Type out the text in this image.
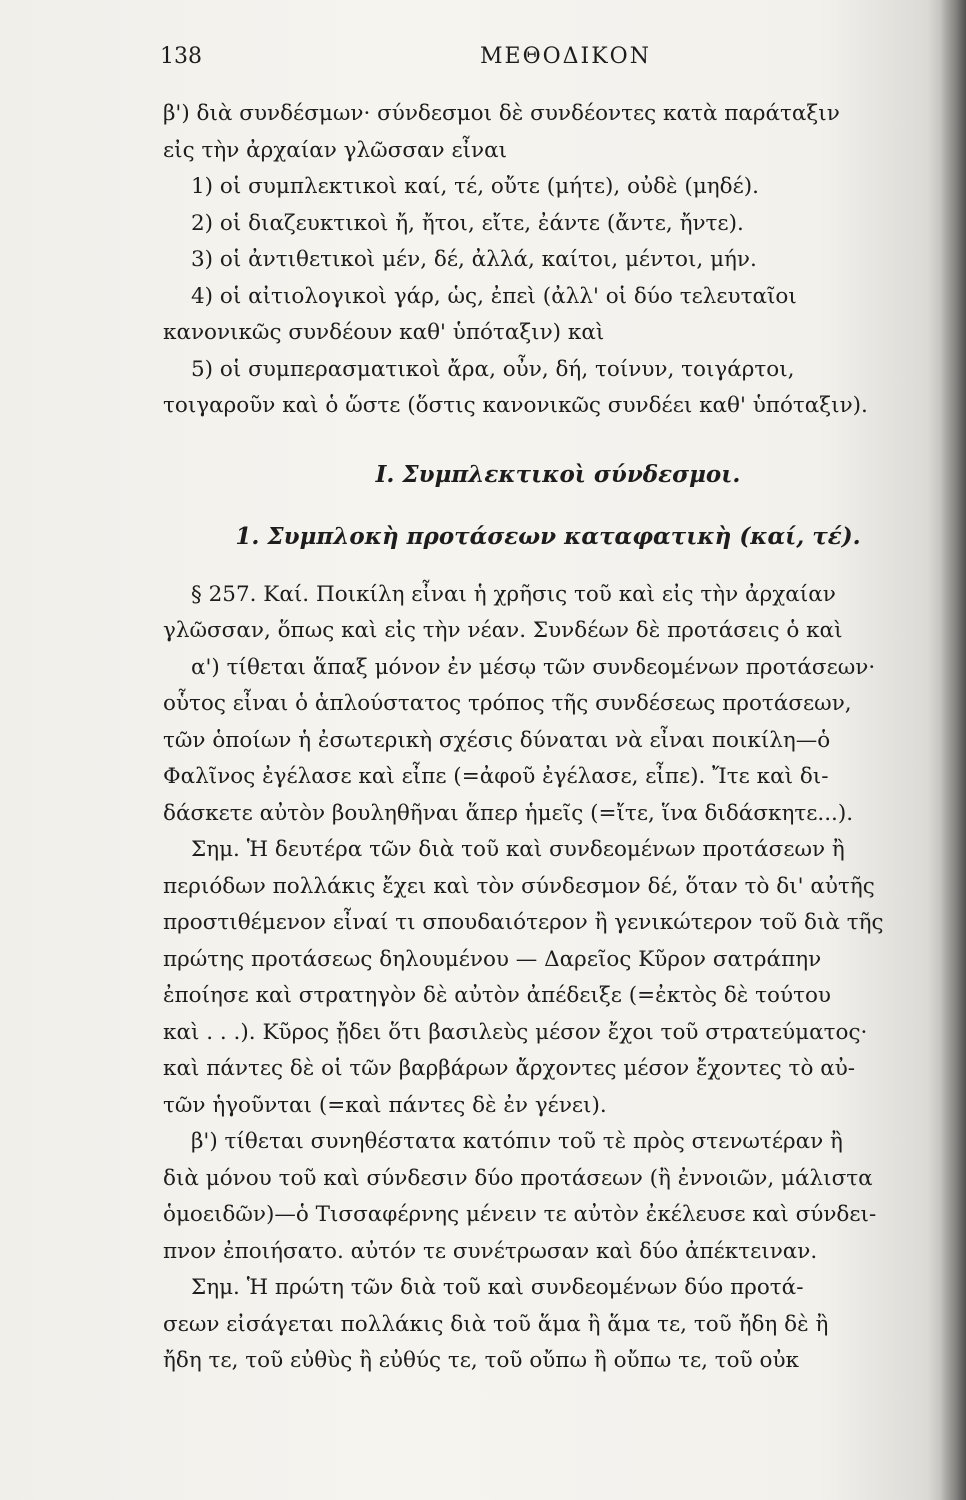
138	ΜΕΘΟΔΙΚΟΝ
β') διὰ συνδέσμων· σύνδεσμοι δὲ συνδέοντες κατὰ παράταξιν
εἰς τὴν ἀρχαίαν γλῶσσαν εἶναι
1) οἱ συμπλεκτικοὶ καί, τέ, οὔτε (μήτε), οὐδὲ (μηδέ).
2) οἱ διαζευκτικοὶ ἤ, ἤτοι, εἴτε, ἐάντε (ἄντε, ἤντε).
3) οἱ ἀντιθετικοὶ μέν, δέ, ἀλλά, καίτοι, μέντοι, μήν.
4) οἱ αἰτιολογικοὶ γάρ, ὡς, ἐπεὶ (ἀλλ' οἱ δύο τελευταῖοι
κανονικῶς συνδέουν καθ' ὑπόταξιν) καὶ
5) οἱ συμπερασματικοὶ ἄρα, οὖν, δή, τοίνυν, τοιγάρτοι,
τοιγαροῦν καὶ ὁ ὥστε (ὅστις κανονικῶς συνδέει καθ' ὑπόταξιν).
Ι. Συμπλεκτικοὶ σύνδεσμοι.
1. Συμπλοκὴ προτάσεων καταφατικὴ (καί, τέ).
§ 257. Καί. Ποικίλη εἶναι ἡ χρῆσις τοῦ καὶ εἰς τὴν ἀρχαίαν
γλῶσσαν, ὅπως καὶ εἰς τὴν νέαν. Συνδέων δὲ προτάσεις ὁ καὶ
α') τίθεται ἅπαξ μόνον ἐν μέσῳ τῶν συνδεομένων προτάσεων·
οὗτος εἶναι ὁ ἁπλούστατος τρόπος τῆς συνδέσεως προτάσεων,
τῶν ὁποίων ἡ ἐσωτερικὴ σχέσις δύναται νὰ εἶναι ποικίλη—ὁ
Φαλῖνος ἐγέλασε καὶ εἶπε (=ἀφοῦ ἐγέλασε, εἶπε). Ἴτε καὶ δι-
δάσκετε αὐτὸν βουληθῆναι ἅπερ ἡμεῖς (=ἴτε, ἵνα διδάσκητε...).
Σημ. Ἡ δευτέρα τῶν διὰ τοῦ καὶ συνδεομένων προτάσεων ἢ
περιόδων πολλάκις ἔχει καὶ τὸν σύνδεσμον δέ, ὅταν τὸ δι' αὐτῆς
προστιθέμενον εἶναί τι σπουδαιότερον ἢ γενικώτερον τοῦ διὰ τῆς
πρώτης προτάσεως δηλουμένου — Δαρεῖος Κῦρον σατράπην
ἐποίησε καὶ στρατηγὸν δὲ αὐτὸν ἀπέδειξε (=ἐκτὸς δὲ τούτου
καὶ . . .). Κῦρος ᾔδει ὅτι βασιλεὺς μέσον ἔχοι τοῦ στρατεύματος·
καὶ πάντες δὲ οἱ τῶν βαρβάρων ἄρχοντες μέσον ἔχοντες τὸ αὐ-
τῶν ἡγοῦνται (=καὶ πάντες δὲ ἐν γένει).
β') τίθεται συνηθέστατα κατόπιν τοῦ τὲ πρὸς στενωτέραν ἢ
διὰ μόνου τοῦ καὶ σύνδεσιν δύο προτάσεων (ἢ ἐννοιῶν, μάλιστα
ὁμοειδῶν)—ὁ Τισσαφέρνης μένειν τε αὐτὸν ἐκέλευσε καὶ σύνδει-
πνον ἐποιήσατο. αὐτόν τε συνέτρωσαν καὶ δύο ἀπέκτειναν.
Σημ. Ἡ πρώτη τῶν διὰ τοῦ καὶ συνδεομένων δύο προτά-
σεων εἰσάγεται πολλάκις διὰ τοῦ ἅμα ἢ ἅμα τε, τοῦ ἤδη δὲ ἢ
ἤδη τε, τοῦ εὐθὺς ἢ εὐθύς τε, τοῦ οὔπω ἢ οὔπω τε, τοῦ οὐκ
